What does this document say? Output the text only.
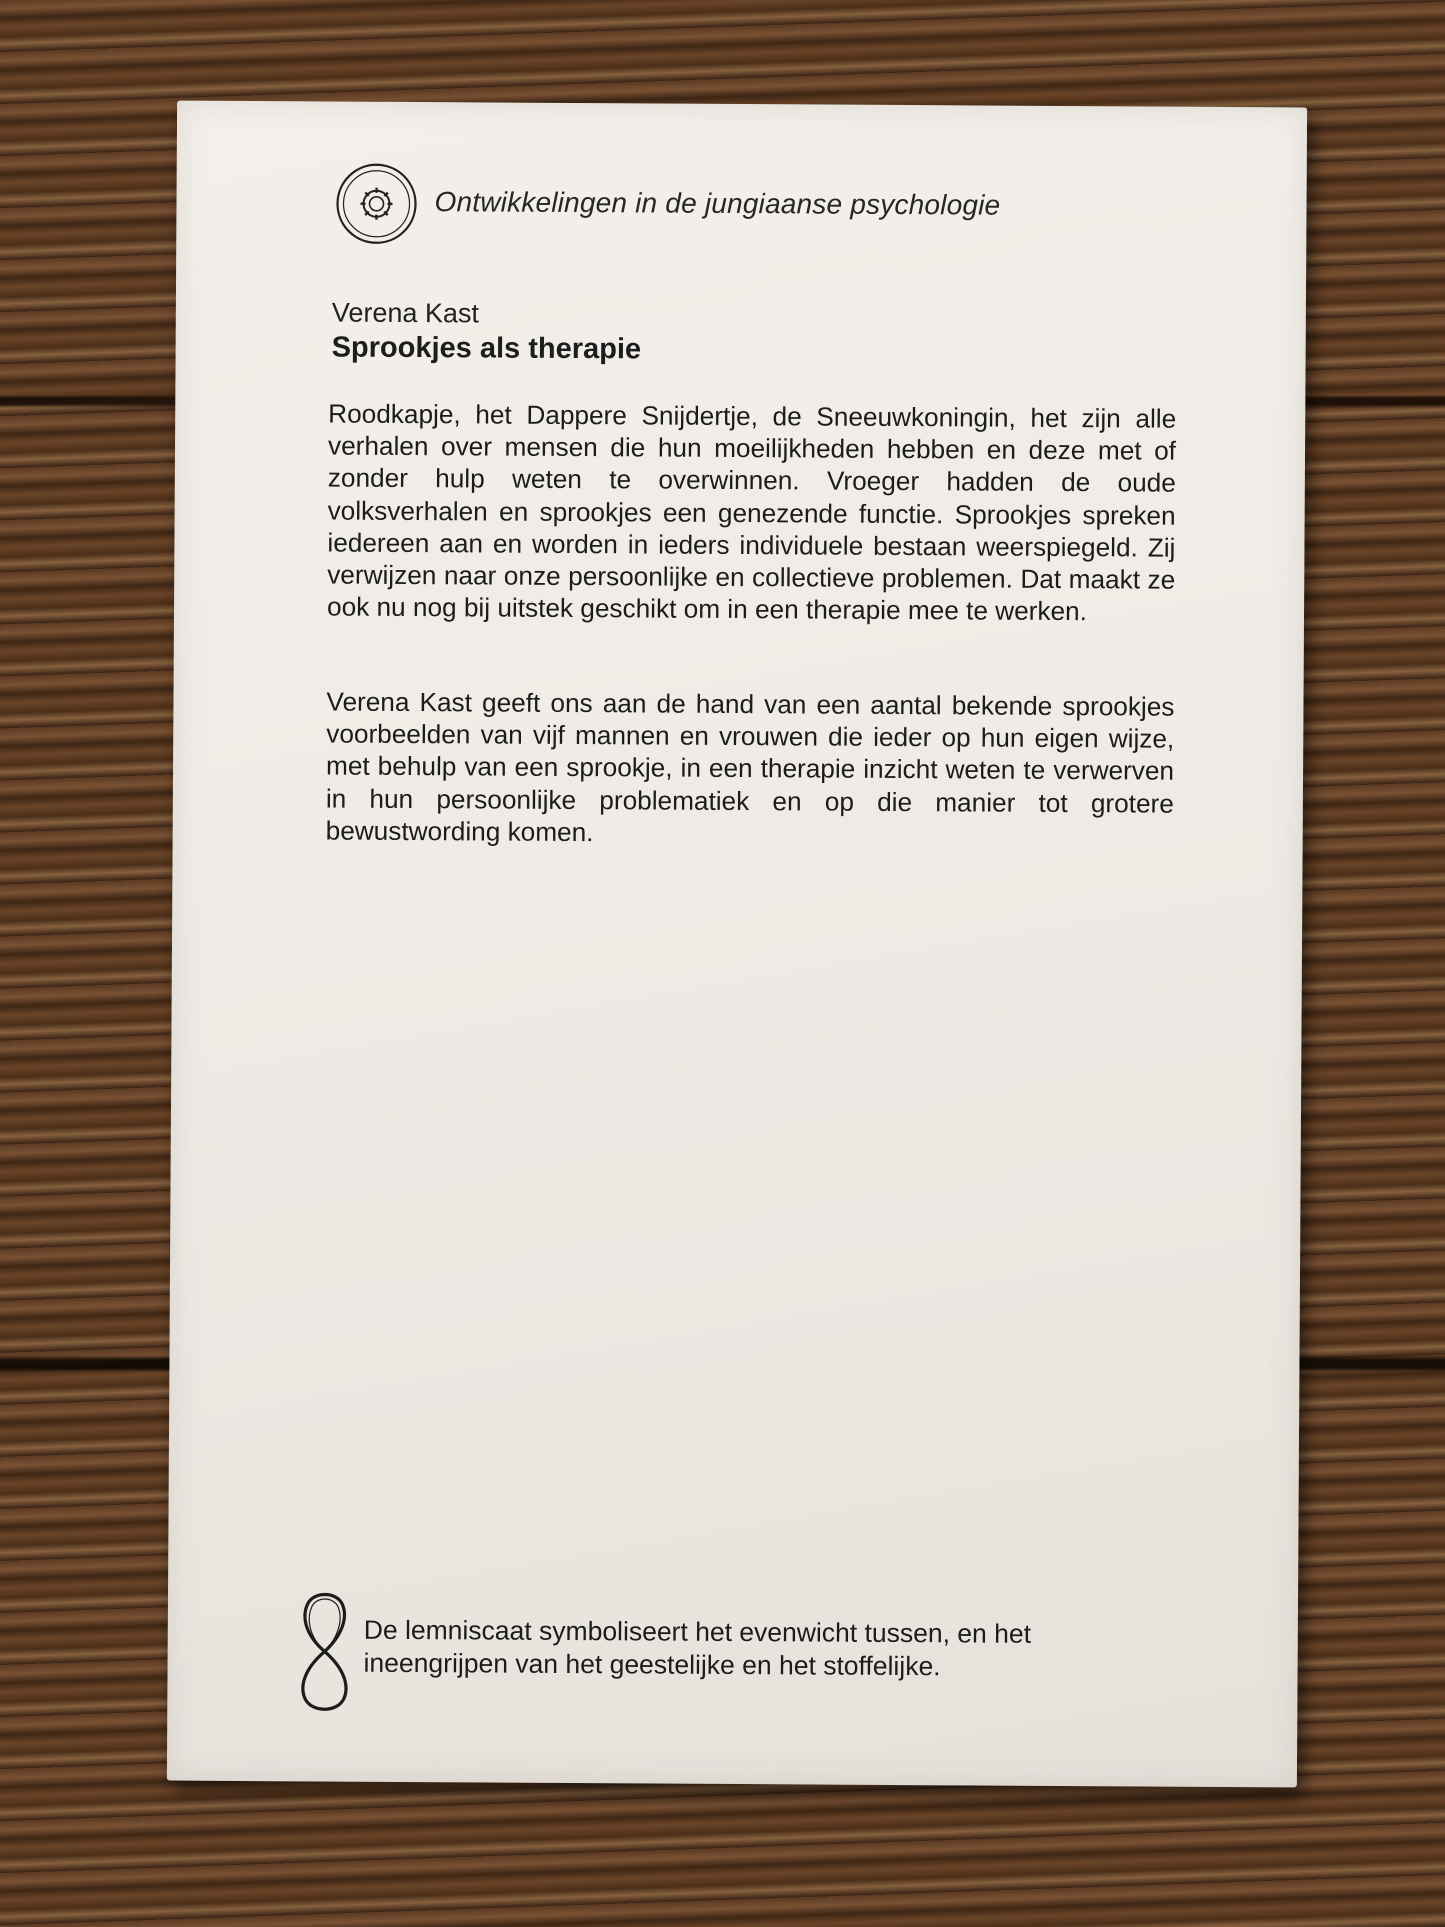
Ontwikkelingen in de jungiaanse psychologie
Verena Kast
Sprookjes als therapie

Roodkapje, het Dappere Snijdertje, de Sneeuwkoningin, het zijn alle verhalen over mensen die hun moeilijkheden hebben en deze met of zonder hulp weten te overwinnen. Vroeger hadden de oude volksverhalen en sprookjes een genezende functie. Sprookjes spreken iedereen aan en worden in ieders individuele bestaan weerspiegeld. Zij verwijzen naar onze persoonlijke en collectieve problemen. Dat maakt ze ook nu nog bij uitstek geschikt om in een therapie mee te werken.

Verena Kast geeft ons aan de hand van een aantal bekende sprookjes voorbeelden van vijf mannen en vrouwen die ieder op hun eigen wijze, met behulp van een sprookje, in een therapie inzicht weten te verwerven in hun persoonlijke problematiek en op die manier tot grotere bewustwording komen.

De lemniscaat symboliseert het evenwicht tussen, en het ineengrijpen van het geestelijke en het stoffelijke.
